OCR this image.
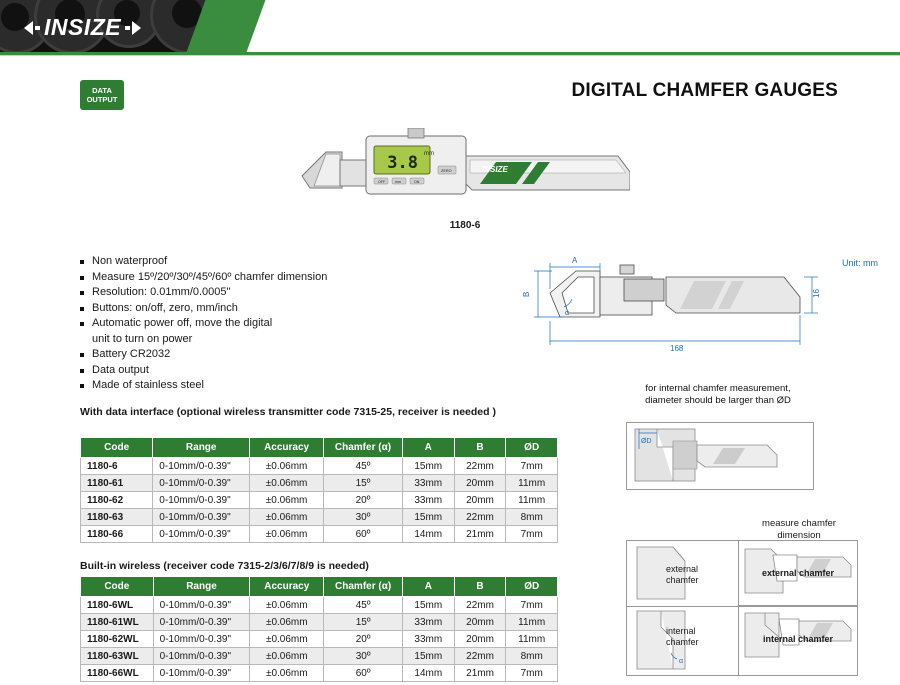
INSIZE
DIGITAL CHAMFER GAUGES
DATA
OUTPUT
3.8 mm
OFF	mm	ON
ZERO	INSIZE
1180-6
Non waterproof
Measure 15º/20º/30º/45º/60º chamfer dimension
Resolution: 0.01mm/0.0005"
Buttons: on/off, zero, mm/inch
Automatic power off, move the digital
unit to turn on power
Battery CR2032
Data output
Made of stainless steel
Unit: mm
A
B
168
16
α
for internal chamfer measurement, diameter should be larger than ØD
ØD
measure chamfer dimension
external chamfer
α
internal chamfer
external chamfer
internal chamfer
With data interface (optional wireless transmitter code 7315-25, receiver is needed )
Code	Range	Accuracy	Chamfer (α)	A	B	ØD
1180-6	0-10mm/0-0.39"	±0.06mm	45º	15mm	22mm	7mm
1180-61	0-10mm/0-0.39"	±0.06mm	15º	33mm	20mm	11mm
1180-62	0-10mm/0-0.39"	±0.06mm	20º	33mm	20mm	11mm
1180-63	0-10mm/0-0.39"	±0.06mm	30º	15mm	22mm	8mm
1180-66	0-10mm/0-0.39"	±0.06mm	60º	14mm	21mm	7mm
Built-in wireless (receiver code 7315-2/3/6/7/8/9 is needed)
Code	Range	Accuracy	Chamfer (α)	A	B	ØD
1180-6WL	0-10mm/0-0.39"	±0.06mm	45º	15mm	22mm	7mm
1180-61WL	0-10mm/0-0.39"	±0.06mm	15º	33mm	20mm	11mm
1180-62WL	0-10mm/0-0.39"	±0.06mm	20º	33mm	20mm	11mm
1180-63WL	0-10mm/0-0.39"	±0.06mm	30º	15mm	22mm	8mm
1180-66WL	0-10mm/0-0.39"	±0.06mm	60º	14mm	21mm	7mm
